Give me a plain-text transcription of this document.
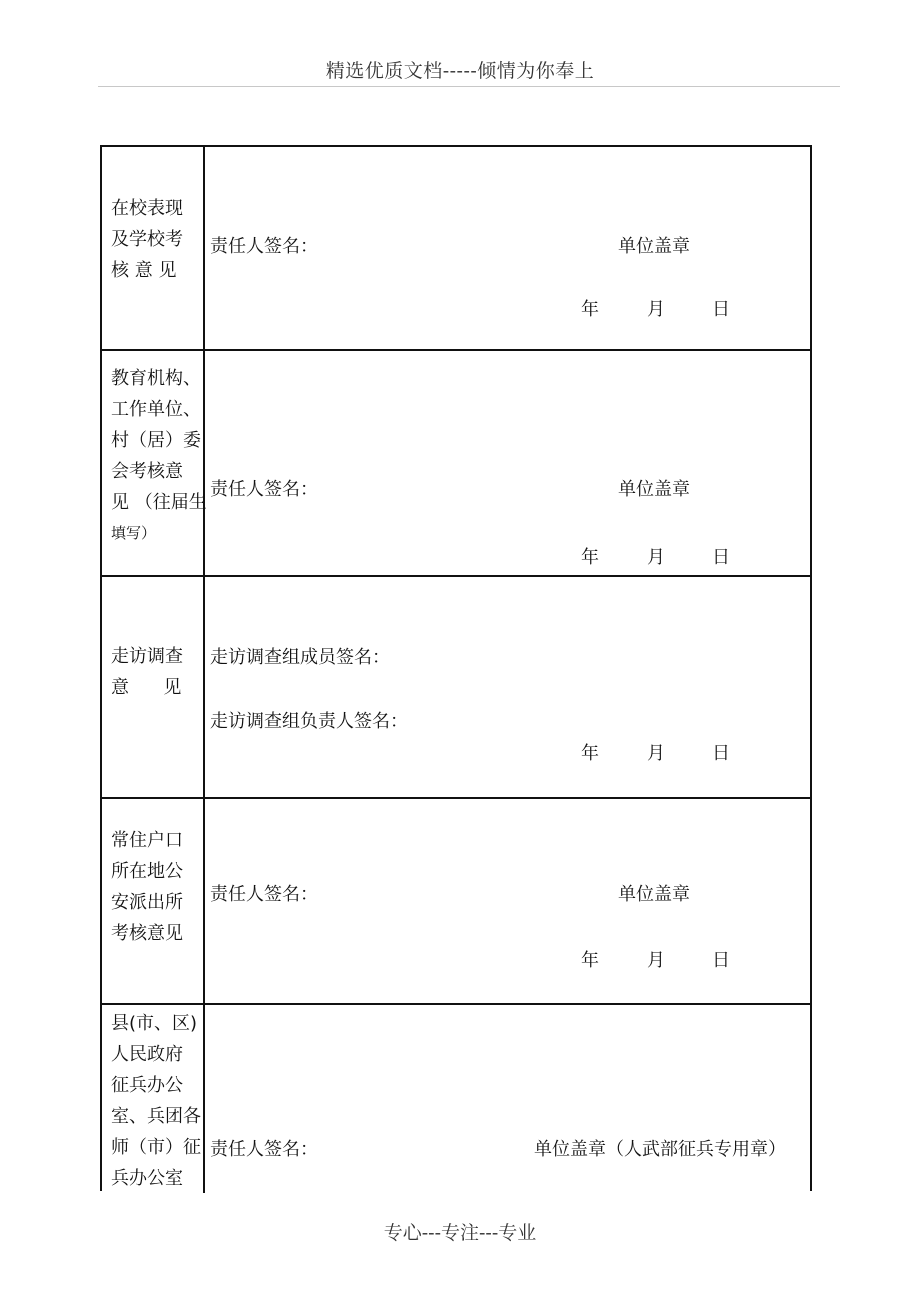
精选优质文档-----倾情为你奉上
在校表现
及学校考
核 意 见
责任人签名：	单位盖章
年	月	日
教育机构、
工作单位、
村（居）委
会考核意
见 （往届生
填写）
责任人签名：	单位盖章
年	月	日
走访调查
意      见
走访调查组成员签名：
走访调查组负责人签名：
年	月	日
常住户口
所在地公
安派出所
考核意见
责任人签名：	单位盖章
年	月	日
县(市、区)
人民政府
征兵办公
室、兵团各
师（市）征
兵办公室
责任人签名：	单位盖章（人武部征兵专用章）
专心---专注---专业
